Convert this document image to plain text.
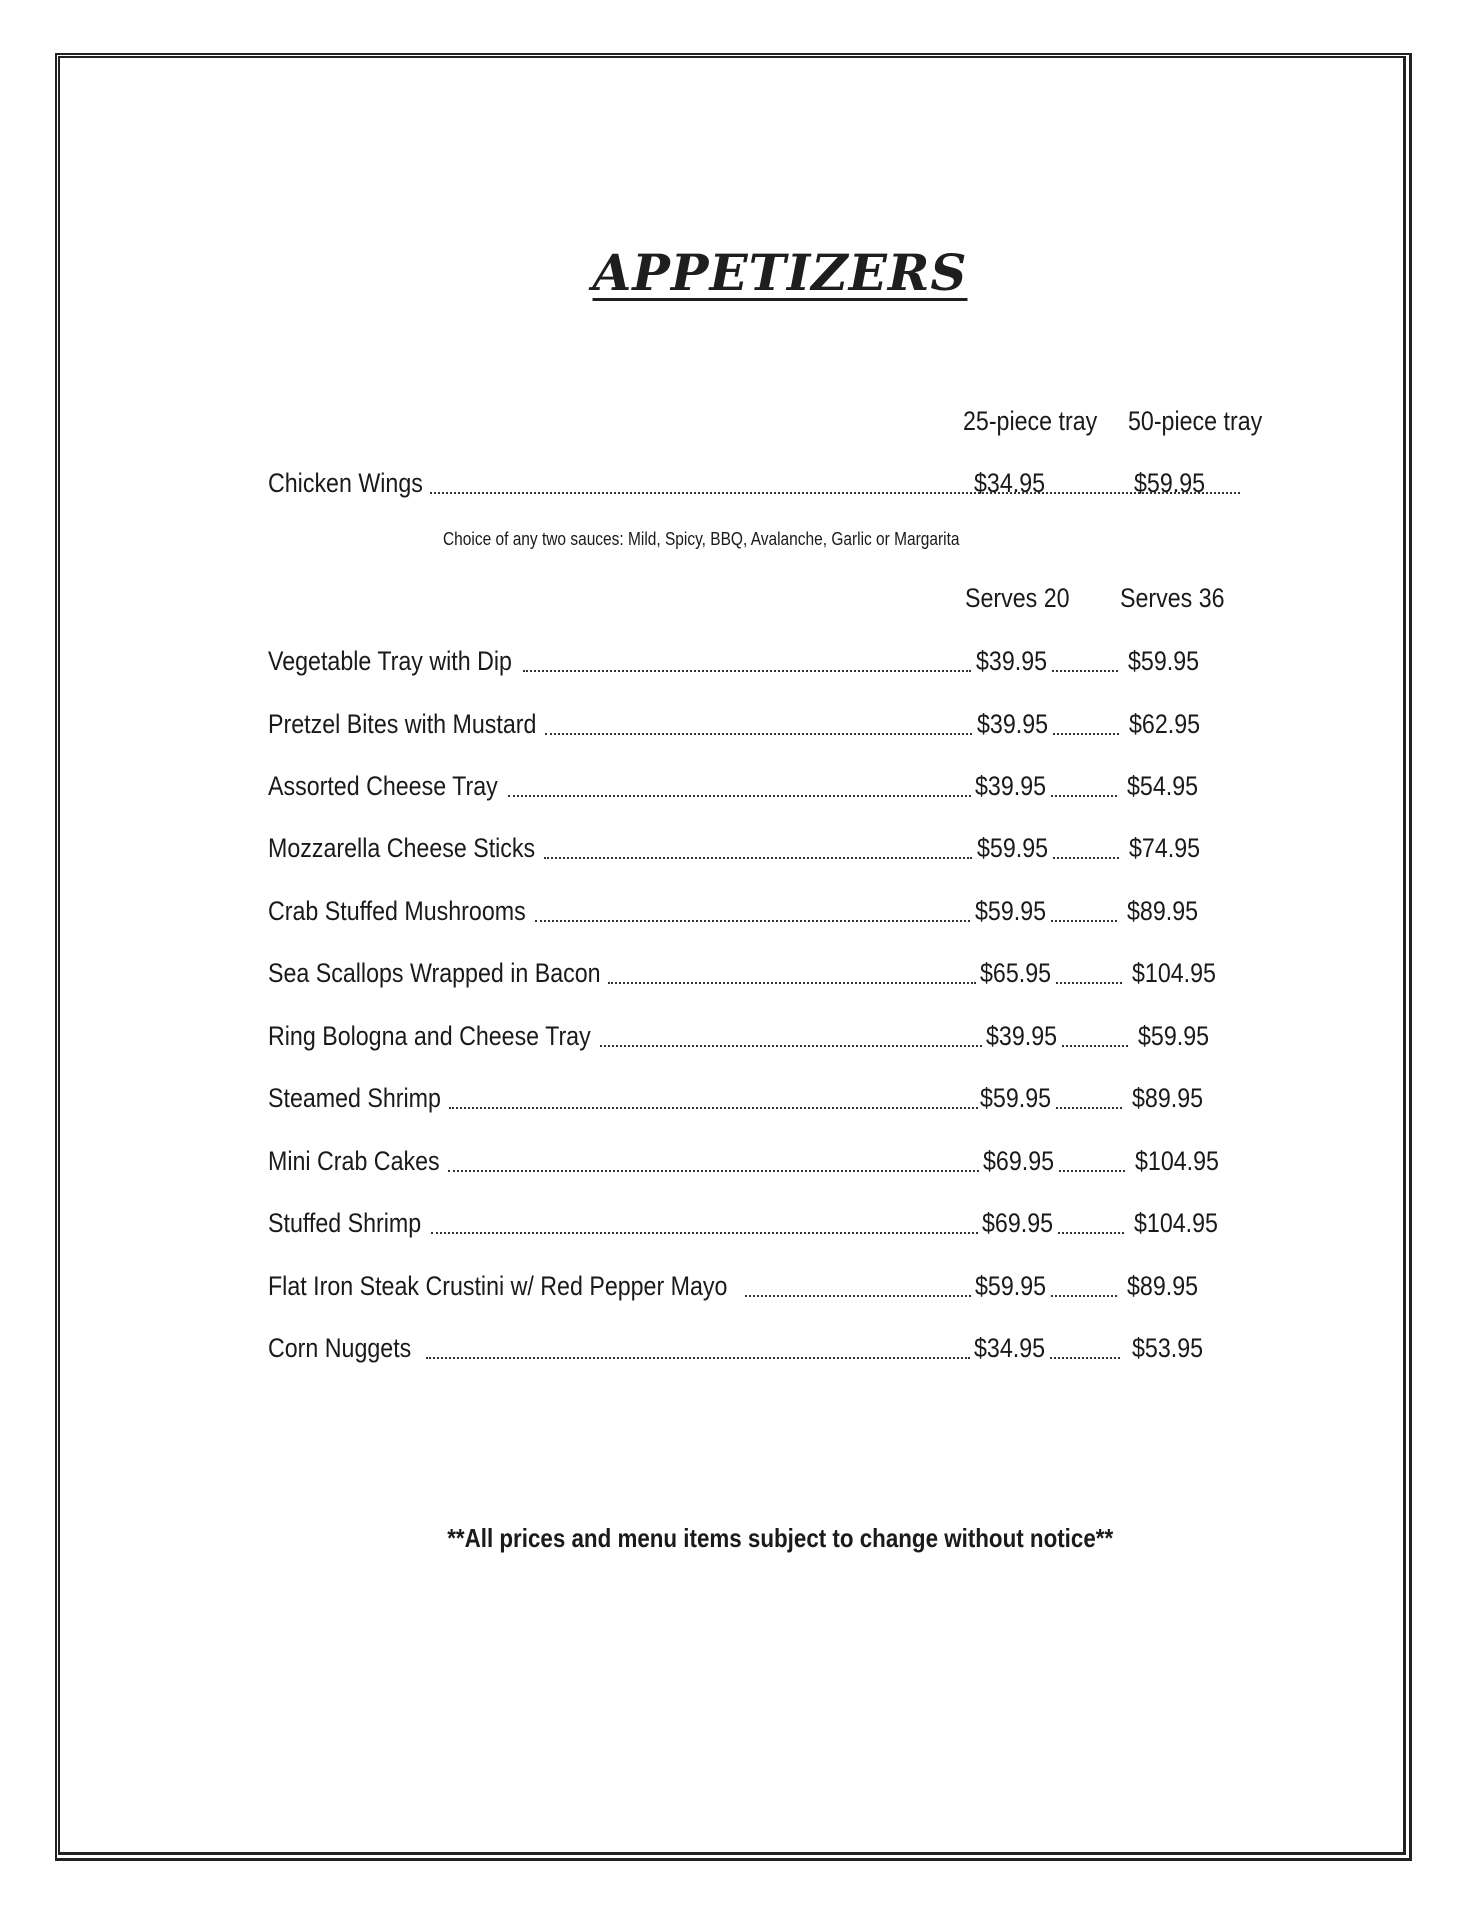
APPETIZERS
25-piece tray 50-piece tray
Chicken Wings	$34.95	$59.95
Choice of any two sauces: Mild, Spicy, BBQ, Avalanche, Garlic or Margarita
Serves 20 Serves 36
Vegetable Tray with Dip	$39.95	$59.95
Pretzel Bites with Mustard	$39.95	$62.95
Assorted Cheese Tray	$39.95	$54.95
Mozzarella Cheese Sticks	$59.95	$74.95
Crab Stuffed Mushrooms	$59.95	$89.95
Sea Scallops Wrapped in Bacon	$65.95	$104.95
Ring Bologna and Cheese Tray	$39.95	$59.95
Steamed Shrimp	$59.95	$89.95
Mini Crab Cakes	$69.95	$104.95
Stuffed Shrimp	$69.95	$104.95
Flat Iron Steak Crustini w/ Red Pepper Mayo	$59.95	$89.95
Corn Nuggets	$34.95	$53.95
**All prices and menu items subject to change without notice**
